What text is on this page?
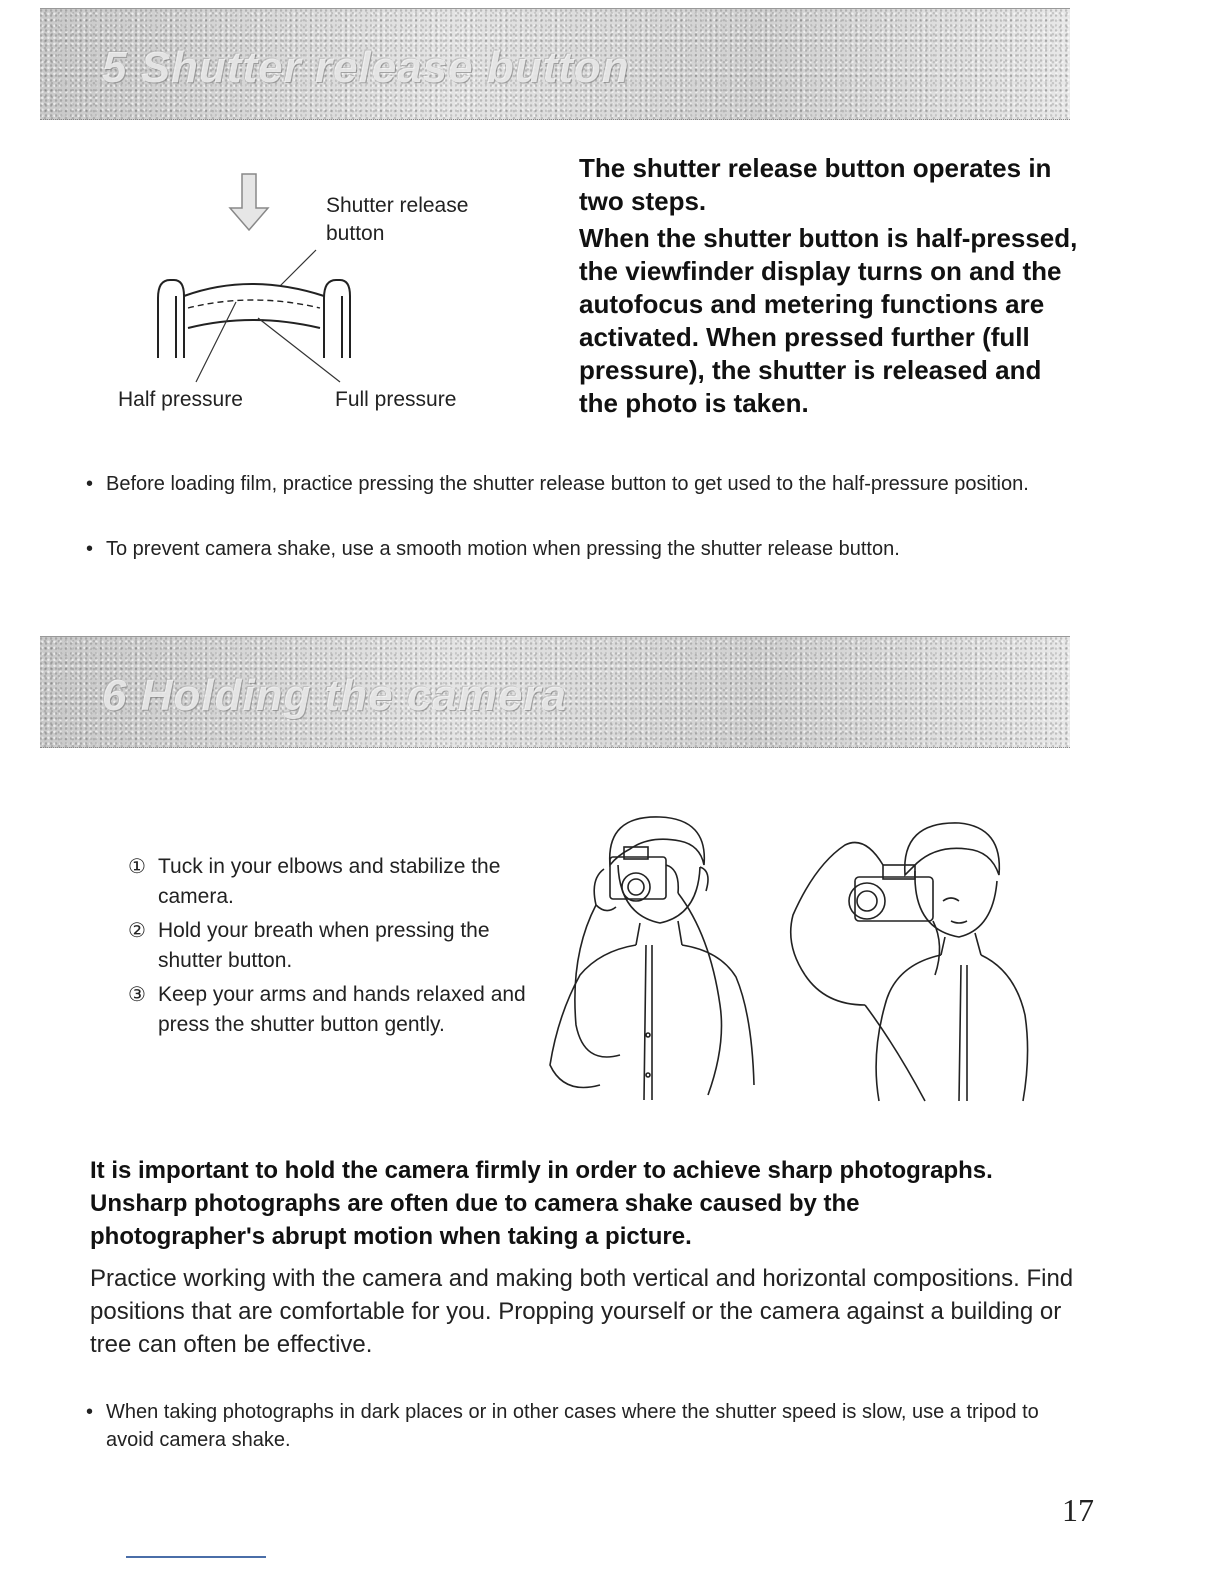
5 Shutter release button
Shutter release button
Half pressure	Full pressure
The shutter release button operates in two steps.
When the shutter button is half-pressed, the viewfinder display turns on and the autofocus and metering functions are activated. When pressed further (full pressure), the shutter is released and the photo is taken.
• Before loading film, practice pressing the shutter release button to get used to the half-pressure position.
• To prevent camera shake, use a smooth motion when pressing the shutter release button.
6 Holding the camera
① Tuck in your elbows and stabilize the camera.
② Hold your breath when pressing the shutter button.
③ Keep your arms and hands relaxed and press the shutter button gently.
It is important to hold the camera firmly in order to achieve sharp photographs. Unsharp photographs are often due to camera shake caused by the photographer's abrupt motion when taking a picture.
Practice working with the camera and making both vertical and horizontal compositions. Find positions that are comfortable for you. Propping yourself or the camera against a building or tree can often be effective.
• When taking photographs in dark places or in other cases where the shutter speed is slow, use a tripod to avoid camera shake.
17
